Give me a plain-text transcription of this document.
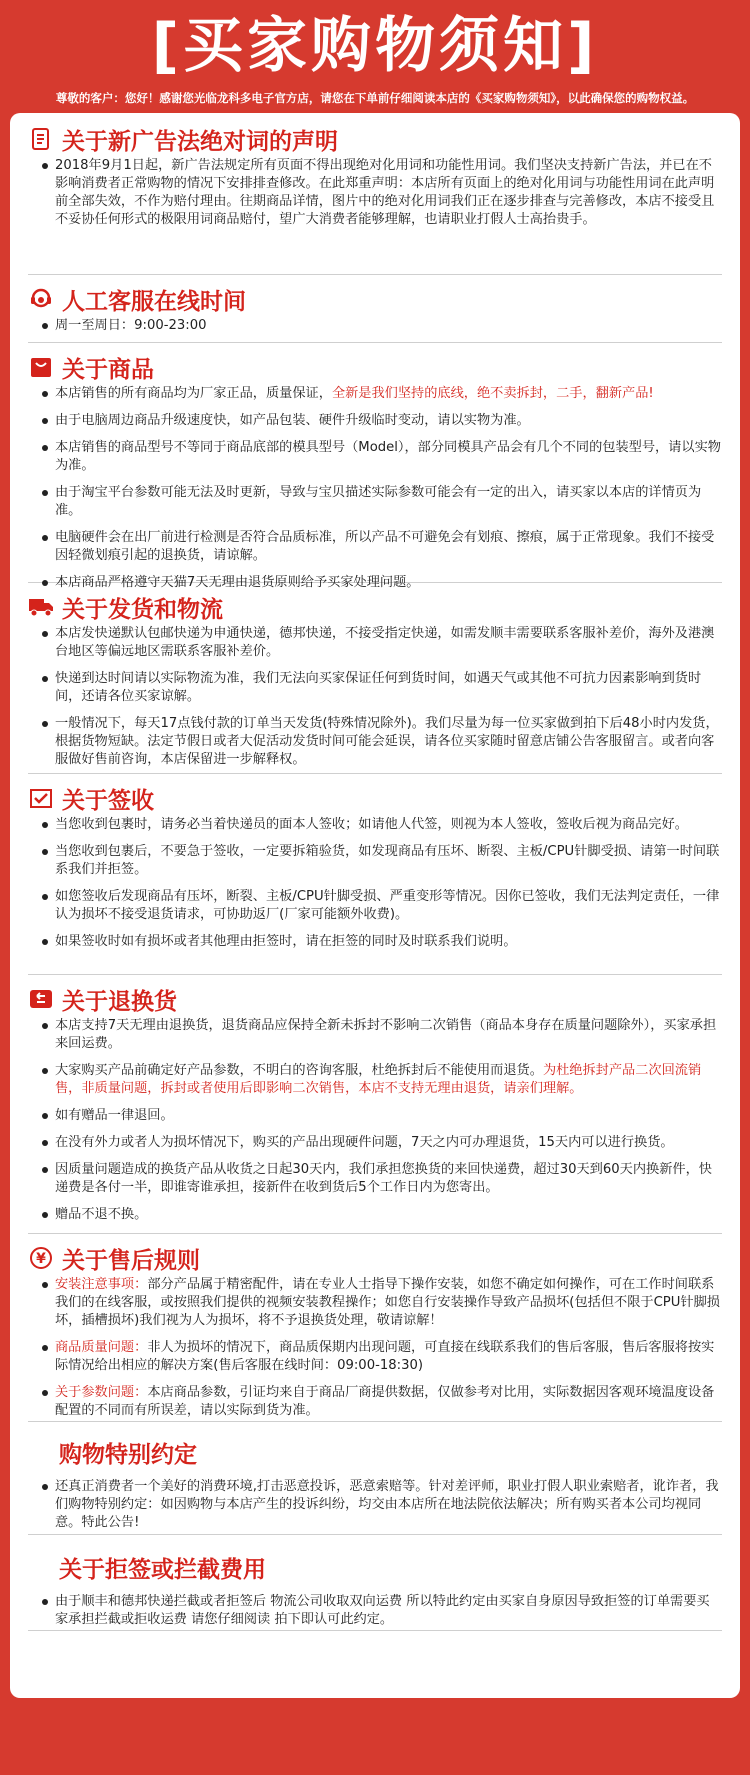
[买家购物须知]
尊敬的客户：您好！感谢您光临龙科多电子官方店，请您在下单前仔细阅读本店的《买家购物须知》，以此确保您的购物权益。
关于新广告法绝对词的声明
2018年9月1日起，新广告法规定所有页面不得出现绝对化用词和功能性用词。我们坚决支持新广告法，并已在不影响消费者正常购物的情况下安排排查修改。在此郑重声明：本店所有页面上的绝对化用词与功能性用词在此声明前全部失效，不作为赔付理由。往期商品详情，图片中的绝对化用词我们正在逐步排查与完善修改，本店不接受且不妥协任何形式的极限用词商品赔付，望广大消费者能够理解，也请职业打假人士高抬贵手。
人工客服在线时间
周一至周日：9:00-23:00
关于商品
本店销售的所有商品均为厂家正品，质量保证，全新是我们坚持的底线，绝不卖拆封，二手，翻新产品!
由于电脑周边商品升级速度快，如产品包装、硬件升级临时变动，请以实物为准。
本店销售的商品型号不等同于商品底部的模具型号（Model），部分同模具产品会有几个不同的包装型号，请以实物为准。
由于淘宝平台参数可能无法及时更新，导致与宝贝描述实际参数可能会有一定的出入，请买家以本店的详情页为准。
电脑硬件会在出厂前进行检测是否符合品质标准，所以产品不可避免会有划痕、擦痕，属于正常现象。我们不接受因轻微划痕引起的退换货，请谅解。
本店商品严格遵守天猫7天无理由退货原则给予买家处理问题。
关于发货和物流
本店发快递默认包邮快递为申通快递，德邦快递，不接受指定快递，如需发顺丰需要联系客服补差价，海外及港澳台地区等偏远地区需联系客服补差价。
快递到达时间请以实际物流为准，我们无法向买家保证任何到货时间，如遇天气或其他不可抗力因素影响到货时间，还请各位买家谅解。
一般情况下，每天17点钱付款的订单当天发货(特殊情况除外)。我们尽量为每一位买家做到拍下后48小时内发货，根据货物短缺。法定节假日或者大促活动发货时间可能会延误，请各位买家随时留意店铺公告客服留言。或者向客服做好售前咨询，本店保留进一步解释权。
关于签收
当您收到包裹时，请务必当着快递员的面本人签收；如请他人代签，则视为本人签收，签收后视为商品完好。
当您收到包裹后，不要急于签收，一定要拆箱验货，如发现商品有压坏、断裂、主板/CPU针脚受损、请第一时间联系我们并拒签。
如您签收后发现商品有压坏，断裂、主板/CPU针脚受损、严重变形等情况。因你已签收，我们无法判定责任，一律认为损坏不接受退货请求，可协助返厂(厂家可能额外收费)。
如果签收时如有损坏或者其他理由拒签时，请在拒签的同时及时联系我们说明。
关于退换货
本店支持7天无理由退换货，退货商品应保持全新未拆封不影响二次销售（商品本身存在质量问题除外），买家承担来回运费。
大家购买产品前确定好产品参数，不明白的咨询客服，杜绝拆封后不能使用而退货。为杜绝拆封产品二次回流销售，非质量问题，拆封或者使用后即影响二次销售，本店不支持无理由退货，请亲们理解。
如有赠品一律退回。
在没有外力或者人为损坏情况下，购买的产品出现硬件问题，7天之内可办理退货，15天内可以进行换货。
因质量问题造成的换货产品从收货之日起30天内，我们承担您换货的来回快递费，超过30天到60天内换新件，快递费是各付一半，即谁寄谁承担，接新件在收到货后5个工作日内为您寄出。
赠品不退不换。
¥ 关于售后规则
安装注意事项：部分产品属于精密配件，请在专业人士指导下操作安装，如您不确定如何操作，可在工作时间联系我们的在线客服，或按照我们提供的视频安装教程操作；如您自行安装操作导致产品损坏(包括但不限于CPU针脚损坏，插槽损坏)我们视为人为损坏，将不予退换货处理，敬请谅解！
商品质量问题：非人为损坏的情况下，商品质保期内出现问题，可直接在线联系我们的售后客服，售后客服将按实际情况给出相应的解决方案(售后客服在线时间：09:00-18:30)
关于参数问题：本店商品参数，引证均来自于商品厂商提供数据，仅做参考对比用，实际数据因客观环境温度设备配置的不同而有所误差，请以实际到货为准。
购物特别约定
还真正消费者一个美好的消费环境,打击恶意投诉，恶意索赔等。针对差评师，职业打假人职业索赔者，讹诈者，我们购物特别约定：如因购物与本店产生的投诉纠纷，均交由本店所在地法院依法解决；所有购买者本公司均视同意。特此公告!
关于拒签或拦截费用
由于顺丰和德邦快递拦截或者拒签后 物流公司收取双向运费 所以特此约定由买家自身原因导致拒签的订单需要买家承担拦截或拒收运费 请您仔细阅读 拍下即认可此约定。
